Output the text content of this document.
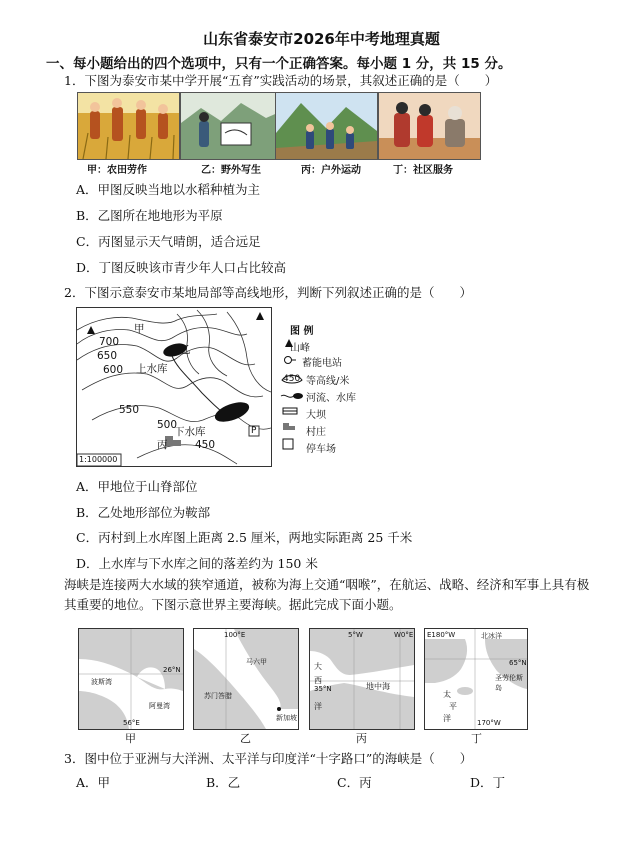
山东省泰安市2026年中考地理真题
一、每小题给出的四个选项中，只有一个正确答案。每小题 1 分，共 15 分。
1．下图为泰安市某中学开展“五育”实践活动的场景，其叙述正确的是（　　）
甲：农田劳作	乙：野外写生	丙：户外运动	丁：社区服务
A．甲图反映当地以水稻种植为主
B．乙图所在地地形为平原
C．丙图显示天气晴朗，适合远足
D．丁图反映该市青少年人口占比较高
2．下图示意泰安市某地局部等高线地形，判断下列叙述正确的是（　　）
甲
乙
700
650
600 上水库
550
500
下水库
丙	450
P
1:100000
图 例
山峰
蓄能电站
450 等高线/米
河流、水库
大坝
村庄
停车场
A．甲地位于山脊部位
B．乙处地形部位为鞍部
C．丙村到上水库图上距离 2.5 厘米，两地实际距离 25 千米
D．上水库与下水库之间的落差约为 150 米
海峡是连接两大水域的狭窄通道，被称为海上交通“咽喉”，在航运、战略、经济和军事上具有极其重要的地位。下图示意世界主要海峡。据此完成下面小题。
波斯湾
阿曼湾
26°N
56°E
100°E
马六甲
苏门答腊
新加坡
5°W	W0°E
35°N	地中海
大
西
洋
E180°W	北冰洋
65°N
圣劳伦斯岛
太
平
洋	170°W
甲	乙	丙	丁
3．图中位于亚洲与大洋洲、太平洋与印度洋“十字路口”的海峡是（　　）
A．甲	B．乙	C．丙	D．丁
